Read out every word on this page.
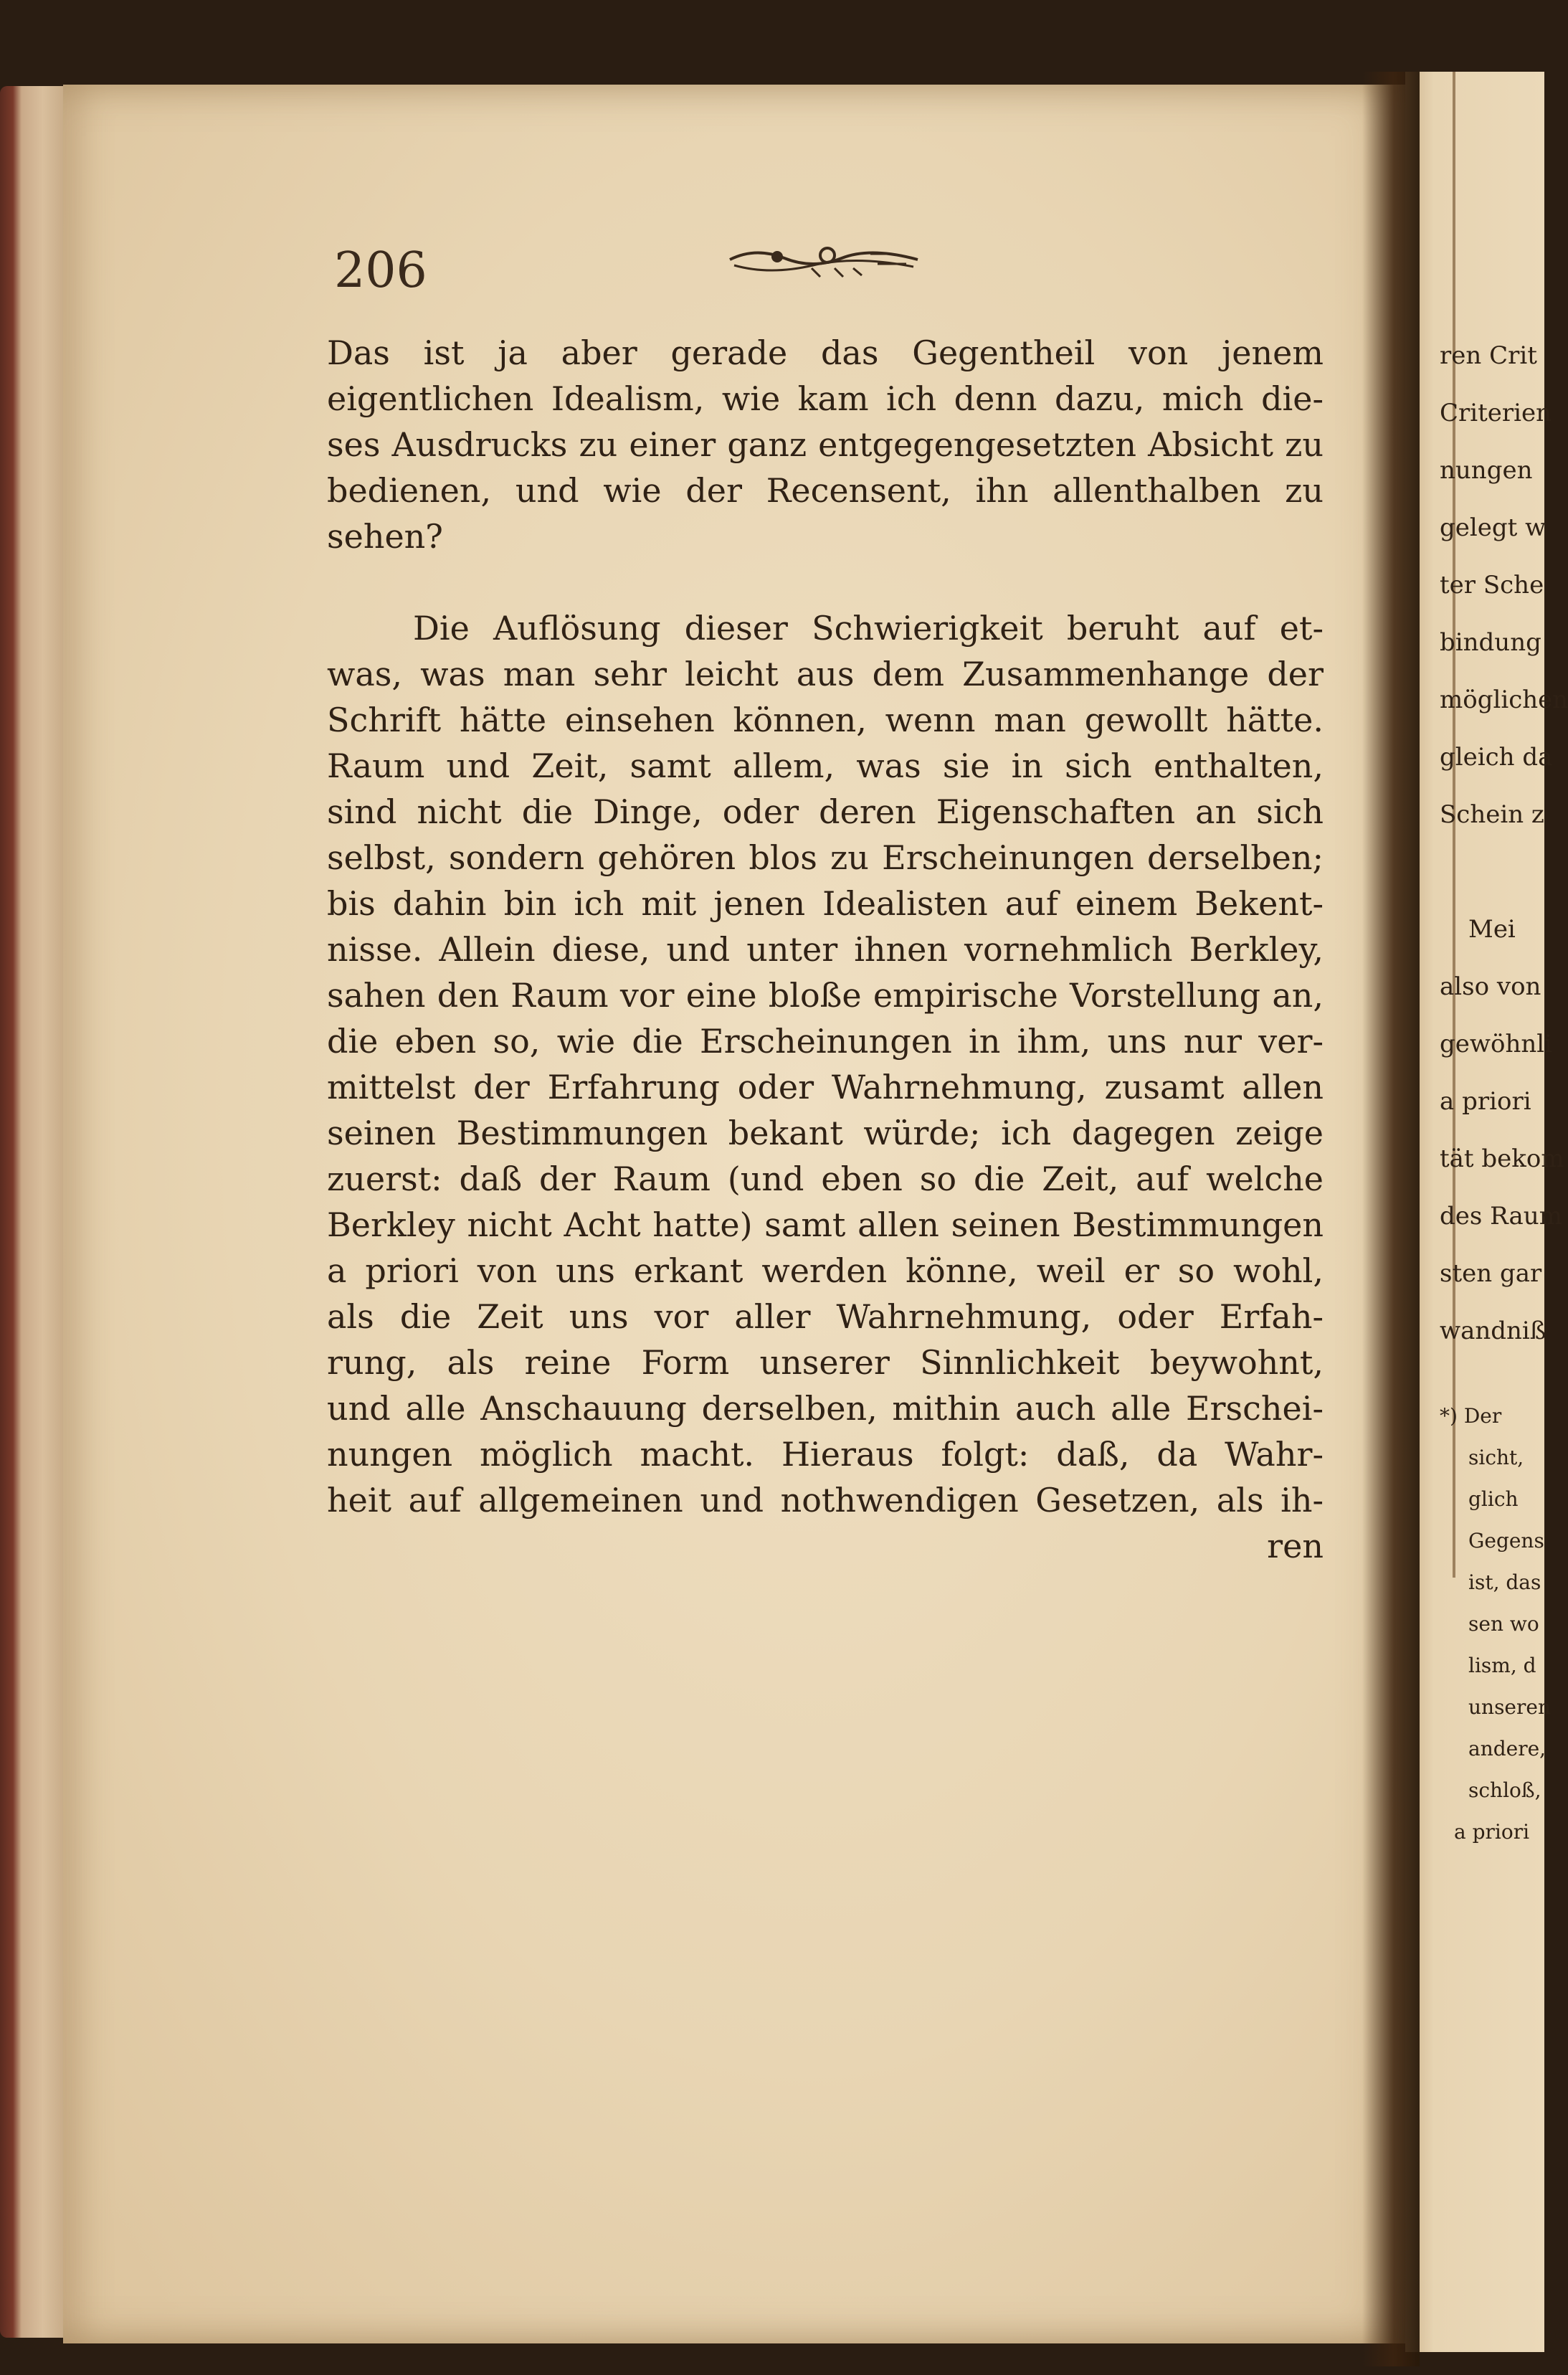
206
Das ist ja aber gerade das Gegentheil von jenem
eigentlichen Idealism, wie kam ich denn dazu, mich die-
ses Ausdrucks zu einer ganz entgegengesetzten Absicht zu
bedienen, und wie der Recensent, ihn allenthalben zu
sehen?
Die Auflösung dieser Schwierigkeit beruht auf et-
was, was man sehr leicht aus dem Zusammenhange der
Schrift hätte einsehen können, wenn man gewollt hätte.
Raum und Zeit, samt allem, was sie in sich enthalten,
sind nicht die Dinge, oder deren Eigenschaften an sich
selbst, sondern gehören blos zu Erscheinungen derselben;
bis dahin bin ich mit jenen Idealisten auf einem Bekent-
nisse. Allein diese, und unter ihnen vornehmlich Berkley,
sahen den Raum vor eine bloße empirische Vorstellung an,
die eben so, wie die Erscheinungen in ihm, uns nur ver-
mittelst der Erfahrung oder Wahrnehmung, zusamt allen
seinen Bestimmungen bekant würde; ich dagegen zeige
zuerst: daß der Raum (und eben so die Zeit, auf welche
Berkley nicht Acht hatte) samt allen seinen Bestimmungen
a priori von uns erkant werden könne, weil er so wohl,
als die Zeit uns vor aller Wahrnehmung, oder Erfah-
rung, als reine Form unserer Sinnlichkeit beywohnt,
und alle Anschauung derselben, mithin auch alle Erschei-
nungen möglich macht. Hieraus folgt: daß, da Wahr-
heit auf allgemeinen und nothwendigen Gesetzen, als ih-
ren
ren Crit
Criterien
nungen
gelegt w
ter Sche
bindung
möglichen
gleich da
Schein z
Mei
also von
gewöhnli
a priori
tät bekom
des Raum
sten gar
wandniß
*) Der
sicht,
glich
Gegens
ist, das
sen wo
lism, d
unseren
andere,
schloß,
a priori
